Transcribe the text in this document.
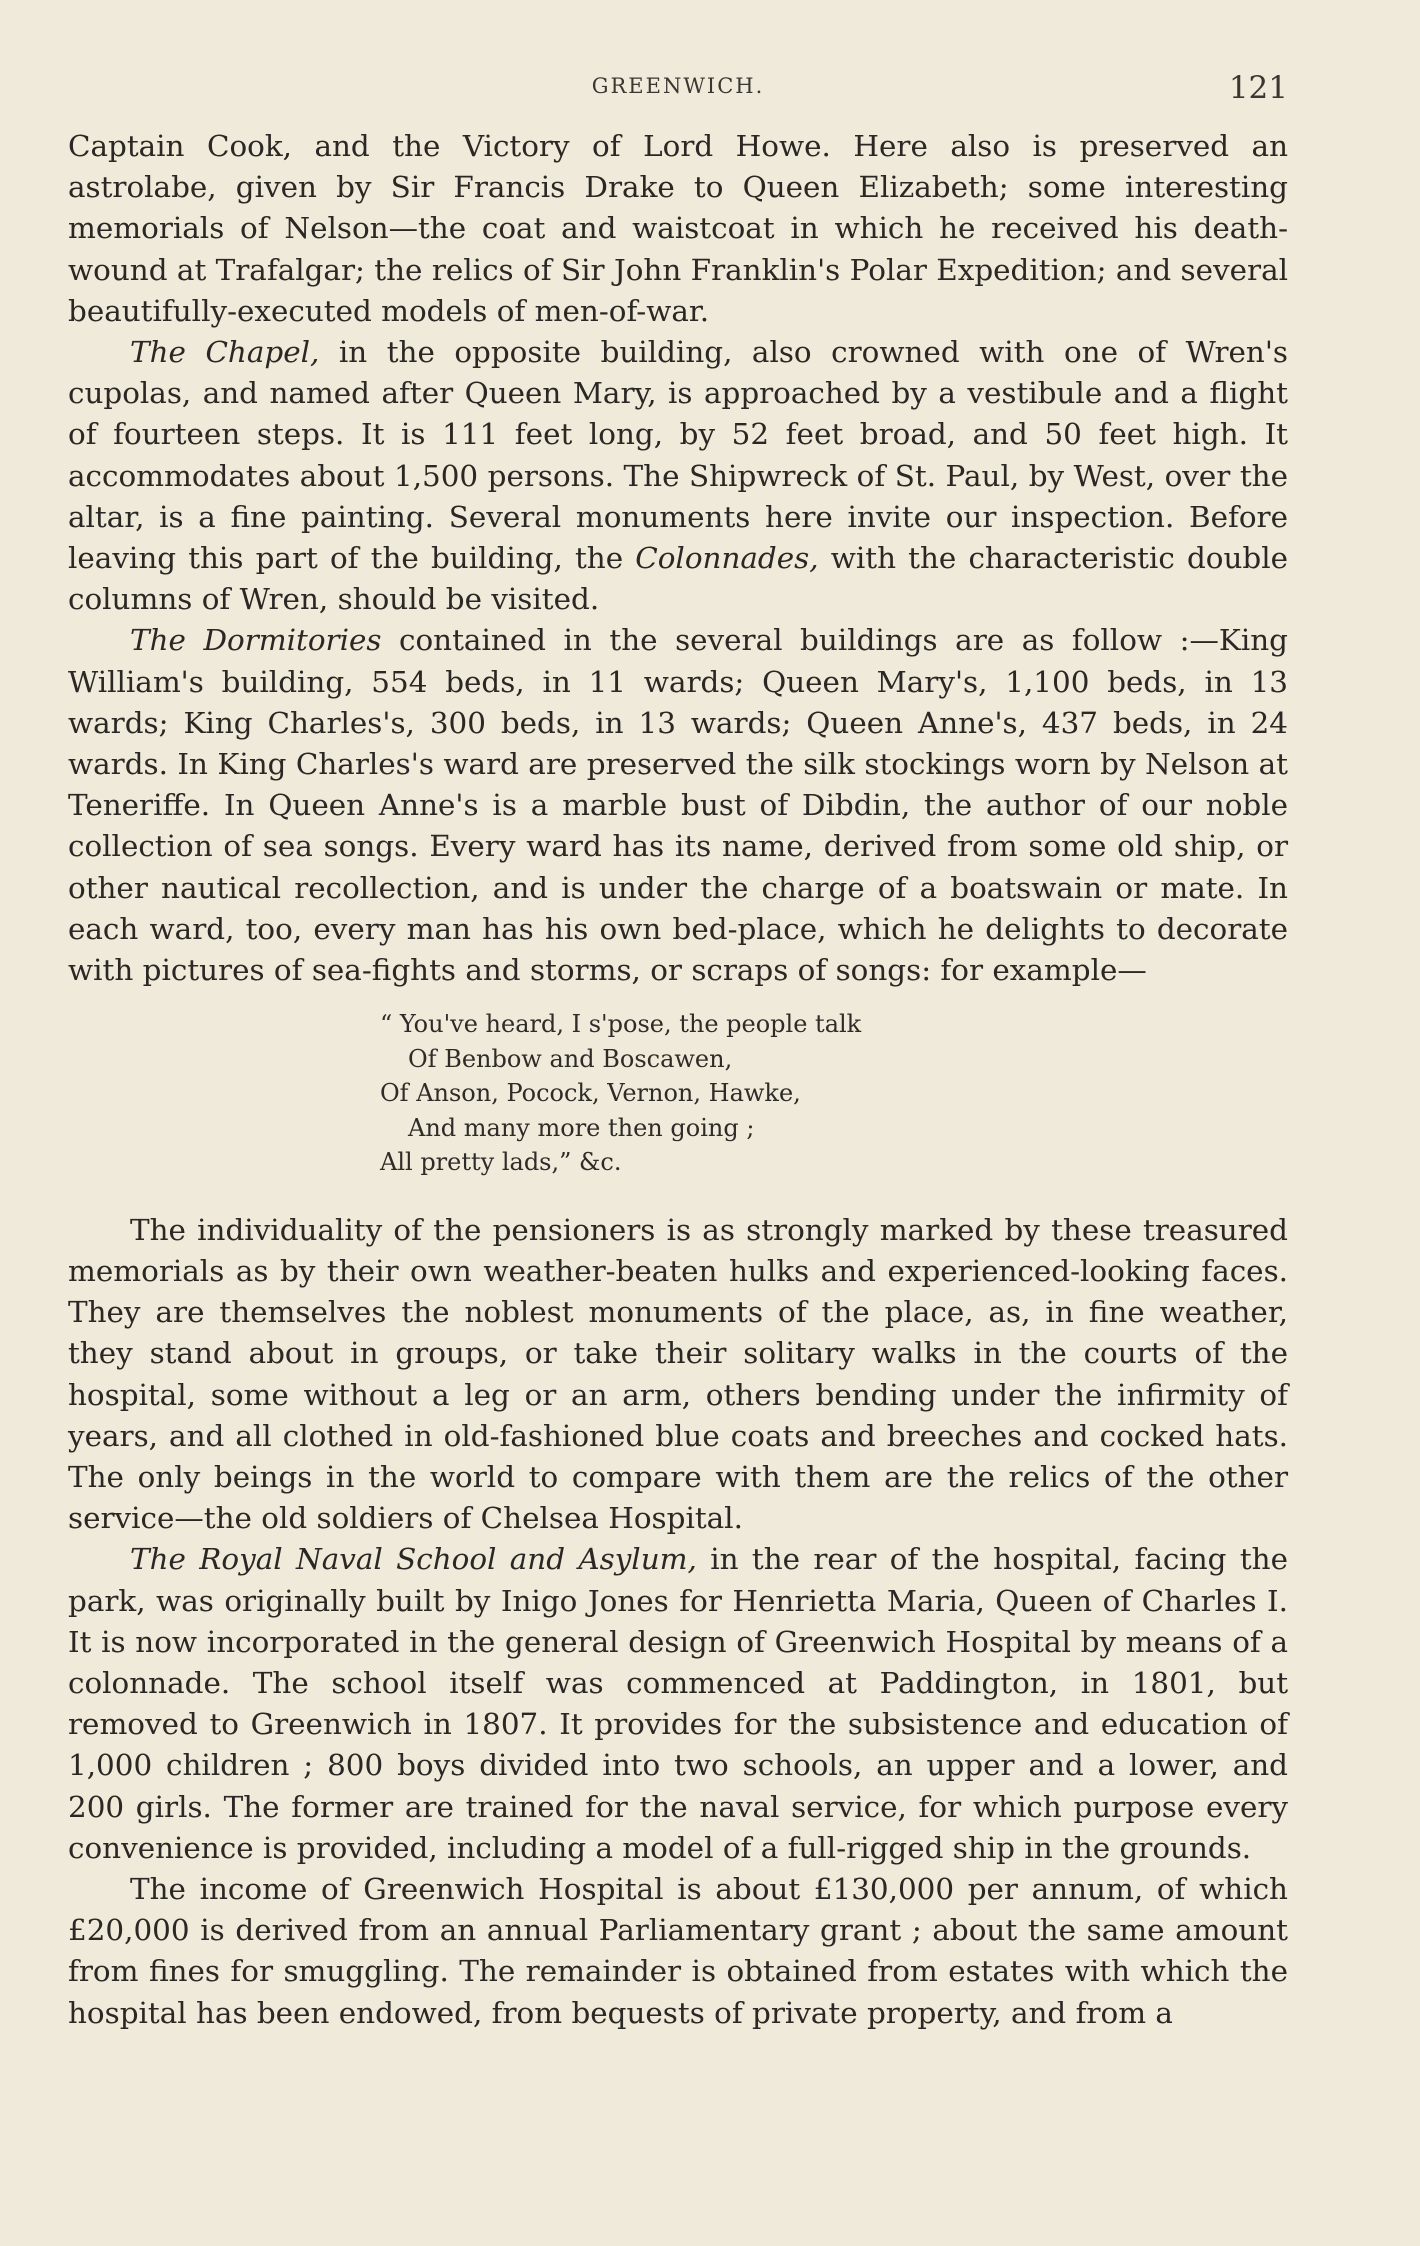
GREENWICH.	121

Captain Cook, and the Victory of Lord Howe. Here also is preserved an astrolabe, given by Sir Francis Drake to Queen Elizabeth; some interesting memorials of Nelson—the coat and waistcoat in which he received his death-wound at Trafalgar; the relics of Sir John Franklin's Polar Expedition; and several beautifully-executed models of men-of-war.

The Chapel, in the opposite building, also crowned with one of Wren's cupolas, and named after Queen Mary, is approached by a vestibule and a flight of fourteen steps. It is 111 feet long, by 52 feet broad, and 50 feet high. It accommodates about 1,500 persons. The Shipwreck of St. Paul, by West, over the altar, is a fine painting. Several monuments here invite our inspection. Before leaving this part of the building, the Colonnades, with the characteristic double columns of Wren, should be visited.

The Dormitories contained in the several buildings are as follow :—King William's building, 554 beds, in 11 wards; Queen Mary's, 1,100 beds, in 13 wards; King Charles's, 300 beds, in 13 wards; Queen Anne's, 437 beds, in 24 wards. In King Charles's ward are preserved the silk stockings worn by Nelson at Teneriffe. In Queen Anne's is a marble bust of Dibdin, the author of our noble collection of sea songs. Every ward has its name, derived from some old ship, or other nautical recollection, and is under the charge of a boatswain or mate. In each ward, too, every man has his own bed-place, which he delights to decorate with pictures of sea-fights and storms, or scraps of songs: for example—

“ You've heard, I s'pose, the people talk
Of Benbow and Boscawen,
Of Anson, Pocock, Vernon, Hawke,
And many more then going ;
All pretty lads,” &c.

The individuality of the pensioners is as strongly marked by these treasured memorials as by their own weather-beaten hulks and experienced-looking faces. They are themselves the noblest monuments of the place, as, in fine weather, they stand about in groups, or take their solitary walks in the courts of the hospital, some without a leg or an arm, others bending under the infirmity of years, and all clothed in old-fashioned blue coats and breeches and cocked hats. The only beings in the world to compare with them are the relics of the other service—the old soldiers of Chelsea Hospital.

The Royal Naval School and Asylum, in the rear of the hospital, facing the park, was originally built by Inigo Jones for Henrietta Maria, Queen of Charles I. It is now incorporated in the general design of Greenwich Hospital by means of a colonnade. The school itself was commenced at Paddington, in 1801, but removed to Greenwich in 1807. It provides for the subsistence and education of 1,000 children ; 800 boys divided into two schools, an upper and a lower, and 200 girls. The former are trained for the naval service, for which purpose every convenience is provided, including a model of a full-rigged ship in the grounds.

The income of Greenwich Hospital is about £130,000 per annum, of which £20,000 is derived from an annual Parliamentary grant ; about the same amount from fines for smuggling. The remainder is obtained from estates with which the hospital has been endowed, from bequests of private property, and from a
